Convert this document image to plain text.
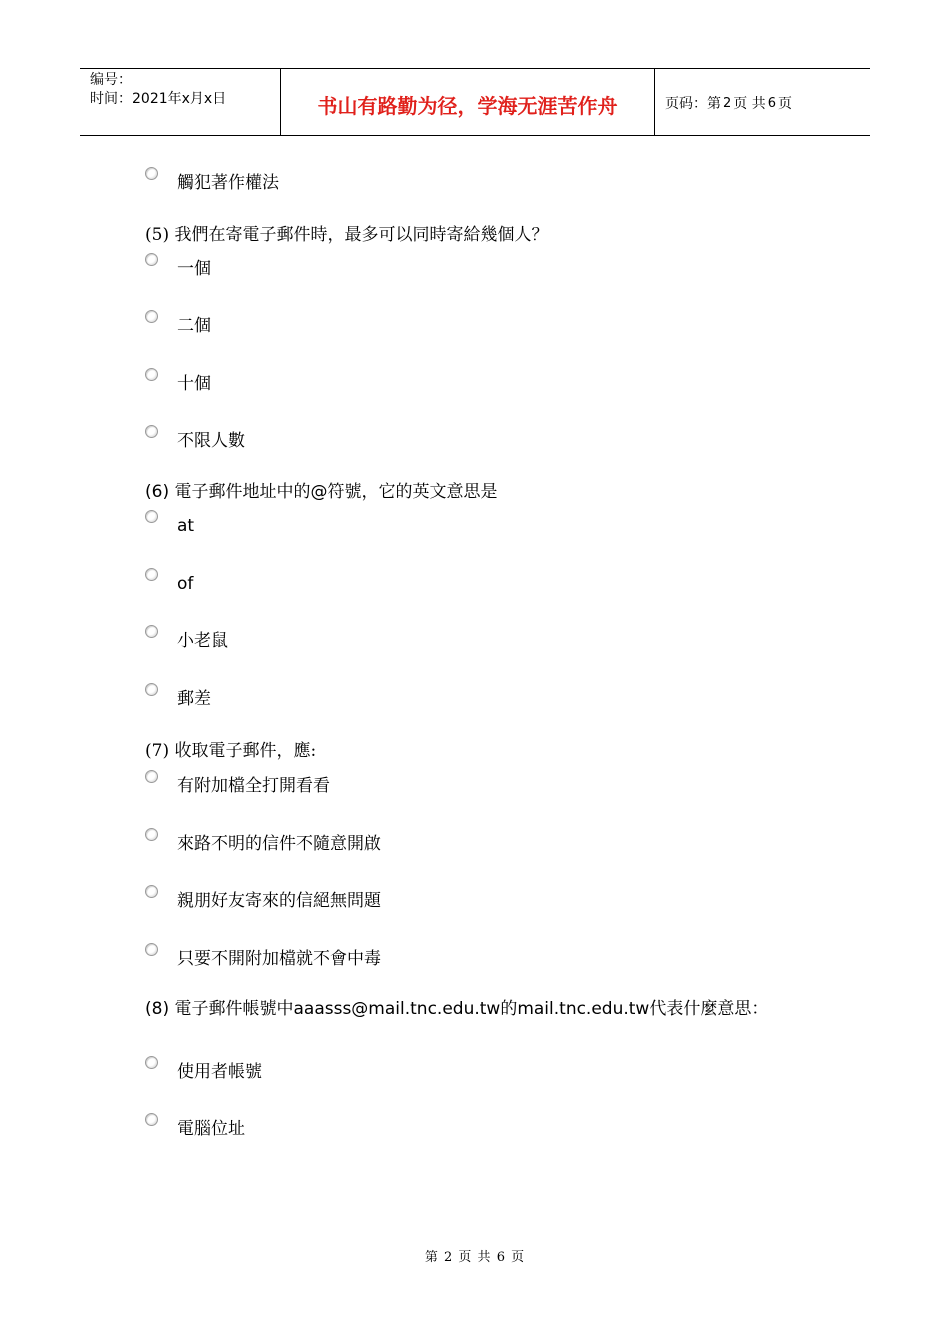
编号：
时间：2021年x月x日	书山有路勤为径，学海无涯苦作舟	页码：第 2 页 共 6 页
觸犯著作權法
(5) 我們在寄電子郵件時，最多可以同時寄給幾個人？
一個
二個
十個
不限人數
(6) 電子郵件地址中的@符號，它的英文意思是
at
of
小老鼠
郵差
(7) 收取電子郵件，應:
有附加檔全打開看看
來路不明的信件不隨意開啟
親朋好友寄來的信絕無問題
只要不開附加檔就不會中毒
(8) 電子郵件帳號中aaasss@mail.tnc.edu.tw的mail.tnc.edu.tw代表什麼意思：
使用者帳號
電腦位址
第 2 页 共 6 页
